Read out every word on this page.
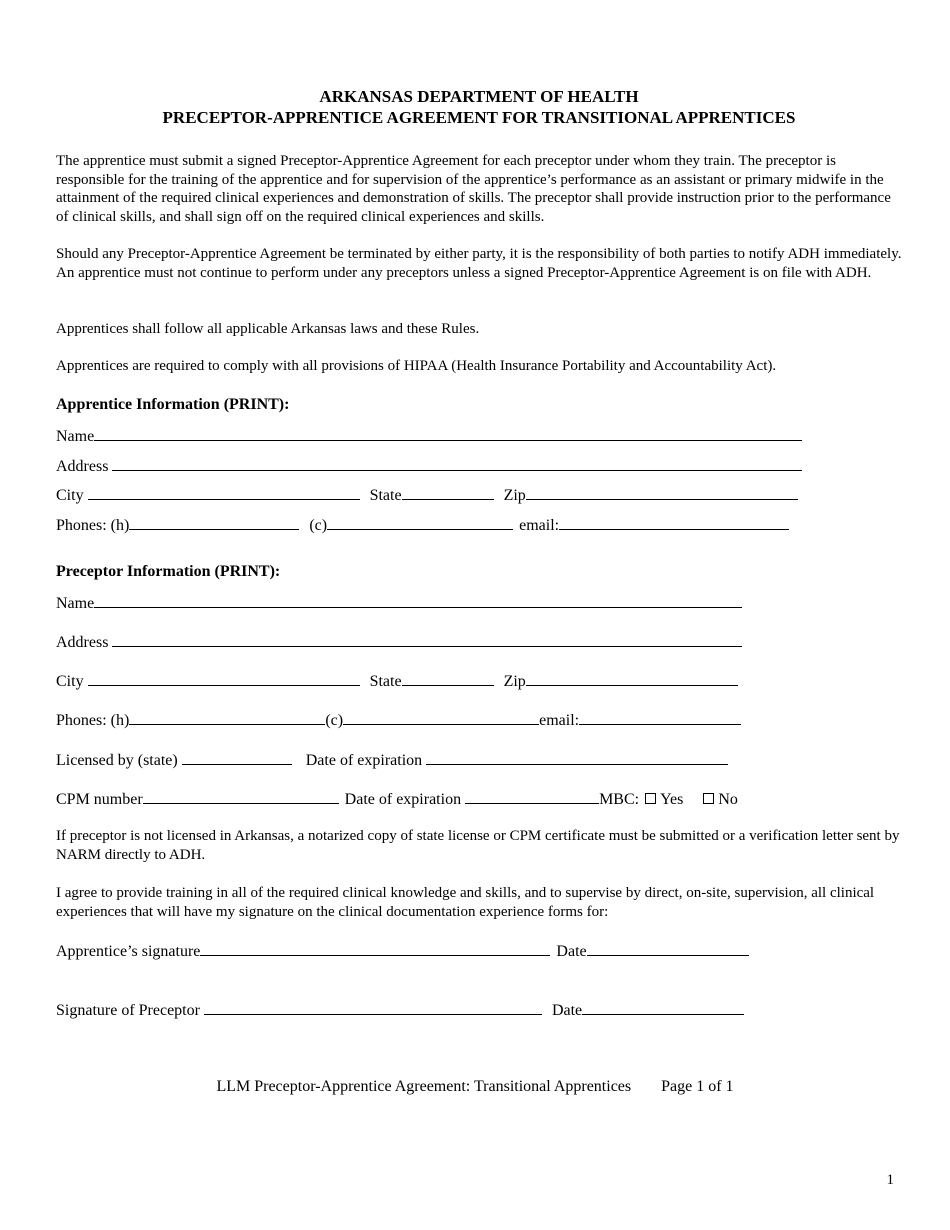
ARKANSAS DEPARTMENT OF HEALTH
PRECEPTOR-APPRENTICE AGREEMENT FOR TRANSITIONAL APPRENTICES

The apprentice must submit a signed Preceptor-Apprentice Agreement for each preceptor under whom they train. The preceptor is responsible for the training of the apprentice and for supervision of the apprentice’s performance as an assistant or primary midwife in the attainment of the required clinical experiences and demonstration of skills. The preceptor shall provide instruction prior to the performance of clinical skills, and shall sign off on the required clinical experiences and skills.

Should any Preceptor-Apprentice Agreement be terminated by either party, it is the responsibility of both parties to notify ADH immediately. An apprentice must not continue to perform under any preceptors unless a signed Preceptor-Apprentice Agreement is on file with ADH.

Apprentices shall follow all applicable Arkansas laws and these Rules.

Apprentices are required to comply with all provisions of HIPAA (Health Insurance Portability and Accountability Act).

Apprentice Information (PRINT):
Name
Address
City	State	Zip
Phones: (h)	(c)	email:
Preceptor Information (PRINT):
Name
Address
City	State	Zip
Phones: (h)	(c)	email:
Licensed by (state)	Date of expiration
CPM number	Date of expiration	MBC: Yes No

If preceptor is not licensed in Arkansas, a notarized copy of state license or CPM certificate must be submitted or a verification letter sent by NARM directly to ADH.

I agree to provide training in all of the required clinical knowledge and skills, and to supervise by direct, on-site, supervision, all clinical experiences that will have my signature on the clinical documentation experience forms for:

Apprentice’s signature	Date
Signature of Preceptor	Date
LLM Preceptor-Apprentice Agreement: Transitional Apprentices Page 1 of 1
1
